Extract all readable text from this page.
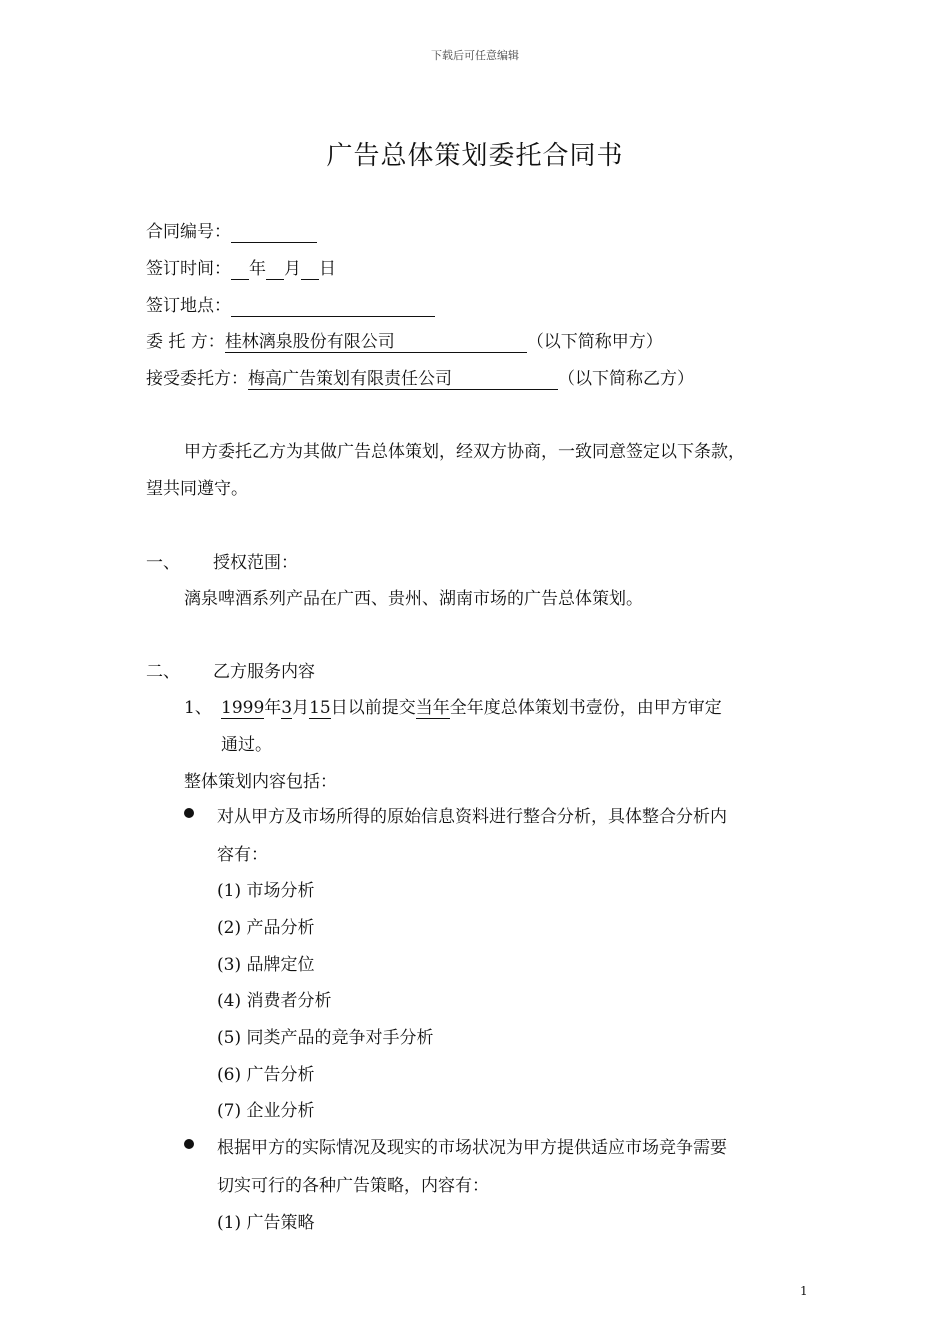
下载后可任意编辑
广告总体策划委托合同书
合同编号：
签订时间： 年 月 日
签订地点：
委 托 方：桂林漓泉股份有限公司	（以下简称甲方）
接受委托方：梅高广告策划有限责任公司	（以下简称乙方）
甲方委托乙方为其做广告总体策划，经双方协商，一致同意签定以下条款，
望共同遵守。
一、 授权范围：
漓泉啤酒系列产品在广西、贵州、湖南市场的广告总体策划。
二、 乙方服务内容
1、 1999年3月15日以前提交当年全年度总体策划书壹份，由甲方审定
通过。
整体策划内容包括：
对从甲方及市场所得的原始信息资料进行整合分析，具体整合分析内
容有：
(1) 市场分析
(2) 产品分析
(3) 品牌定位
(4) 消费者分析
(5) 同类产品的竞争对手分析
(6) 广告分析
(7) 企业分析
根据甲方的实际情况及现实的市场状况为甲方提供适应市场竞争需要
切实可行的各种广告策略，内容有：
(1) 广告策略
1
